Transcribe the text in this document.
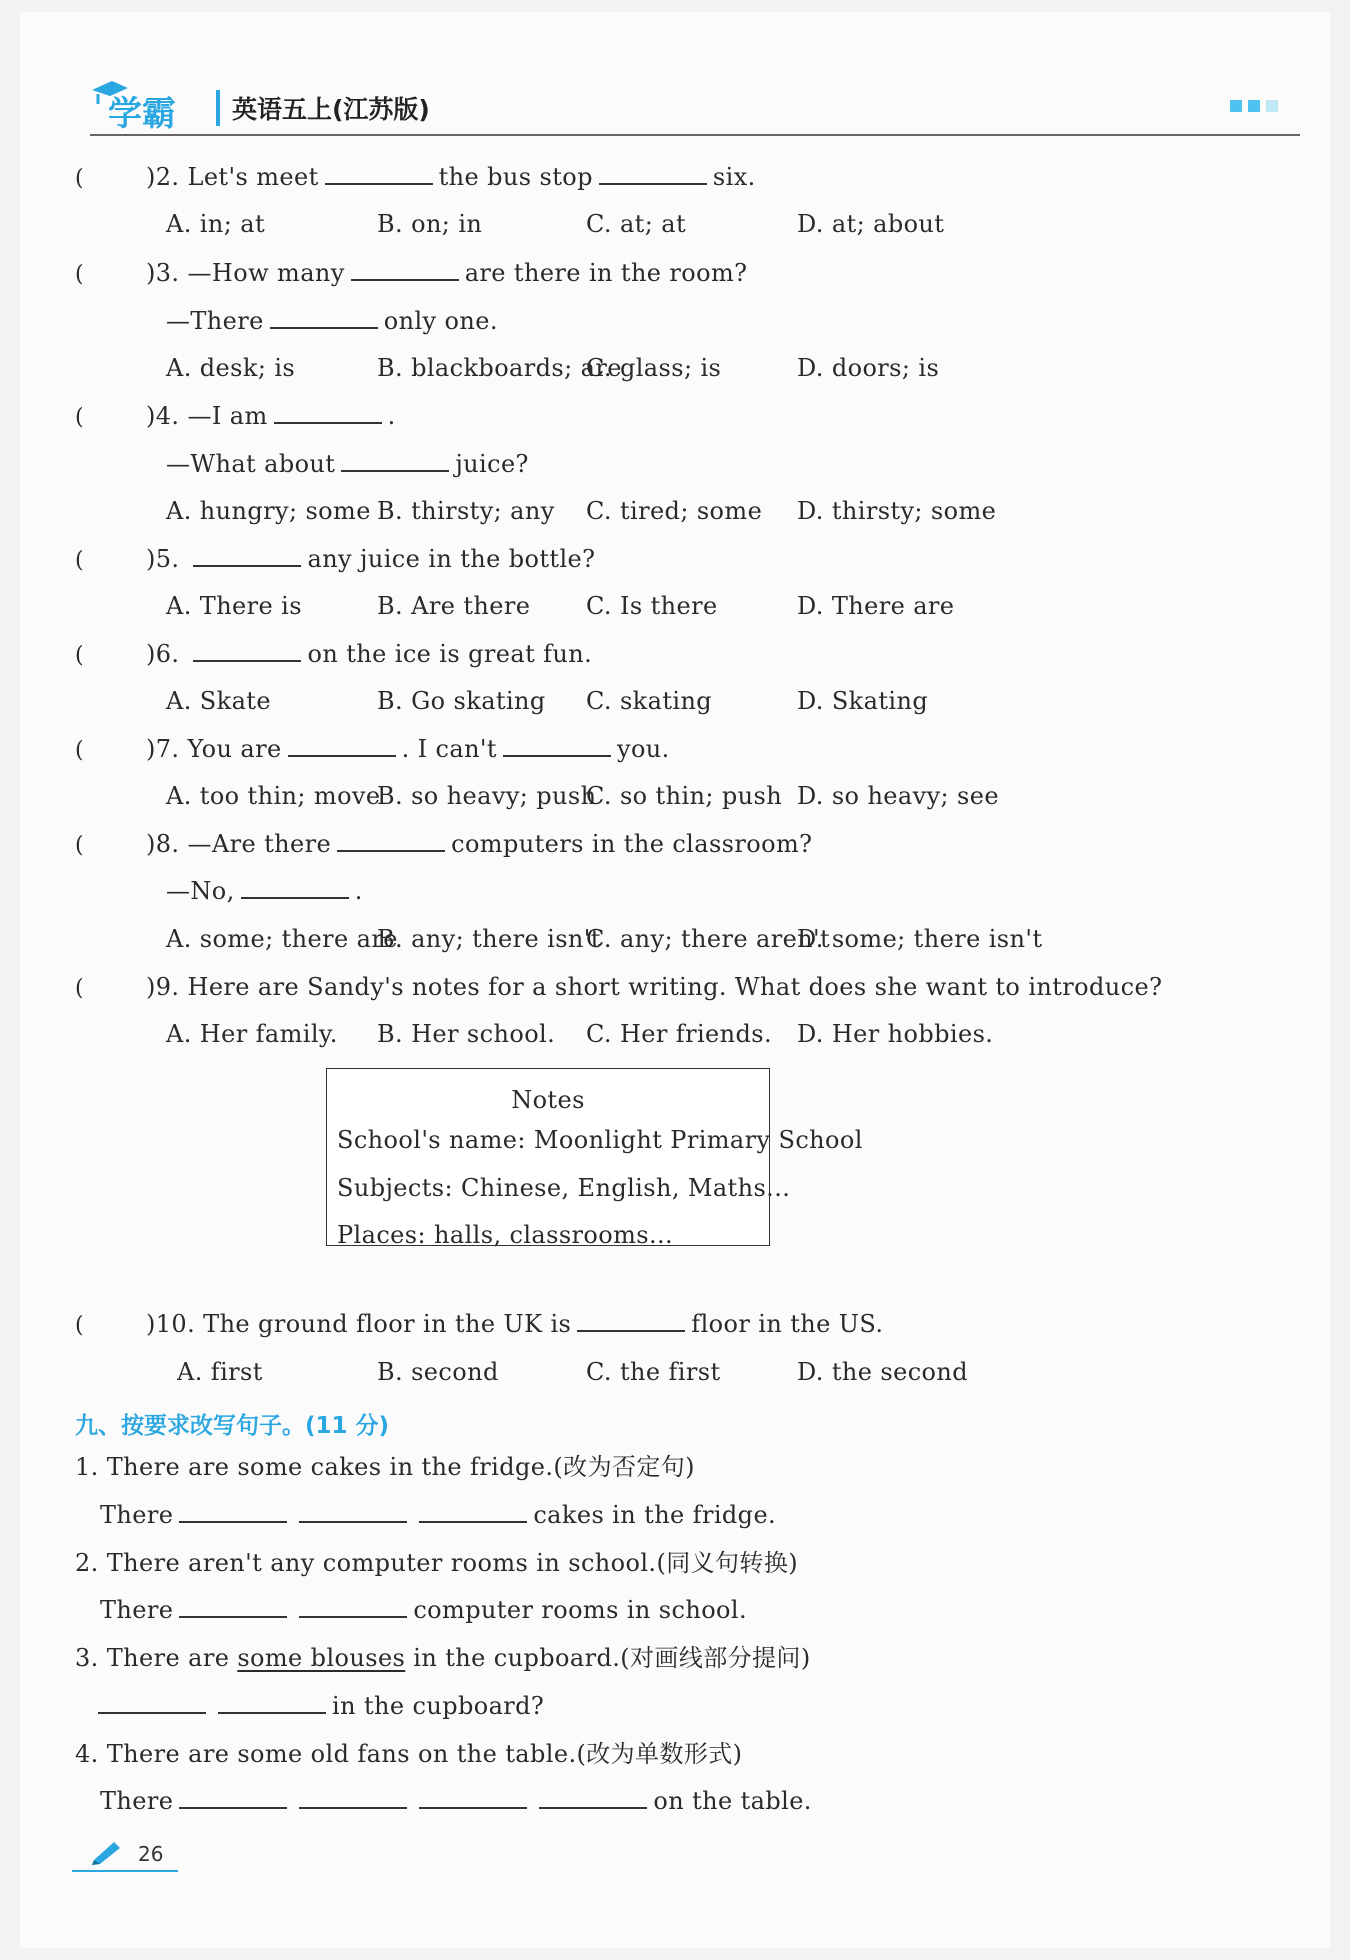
学霸 英语五上(江苏版)
(	)2. Let's meet	the bus stop	six.
A. in; at	B. on; in	C. at; at	D. at; about
(	)3. —How many	are there in the room?
—There	only one.
A. desk; is	B. blackboards; are
C. glass; is	D. doors; is
(	)4. —I am	.
—What about	juice?
A. hungry; some B. thirsty; any C. tired; some D. thirsty; some
(	)5.	any juice in the bottle?
A. There is	B. Are there C. Is there	D. There are
(	)6.	on the ice is great fun.
A. Skate	B. Go skating C. skating	D. Skating
(	)7. You are	. I can't	you.
A. too thin; move
B. so heavy; push
C. so thin; push D. so heavy; see
(	)8. —Are there	computers in the classroom?
—No,	.
A. some; there are
B. any; there isn't
C. any; there aren't
D. some; there isn't
(	)9. Here are Sandy's notes for a short writing. What does she want to introduce?
A. Her family. B. Her school. C. Her friends. D. Her hobbies.
Notes
School's name: Moonlight Primary School
Subjects: Chinese, English, Maths...
Places: halls, classrooms...
(	)10. The ground floor in the UK is	floor in the US.
A. first	B. second	C. the first	D. the second
九、按要求改写句子。(11 分)
1. There are some cakes in the fridge.(改为否定句)
There	cakes in the fridge.
2. There aren't any computer rooms in school.(同义句转换)
There	computer rooms in school.
3. There are some blouses in the cupboard.(对画线部分提问)
in the cupboard?
4. There are some old fans on the table.(改为单数形式)
There	on the table.
26
